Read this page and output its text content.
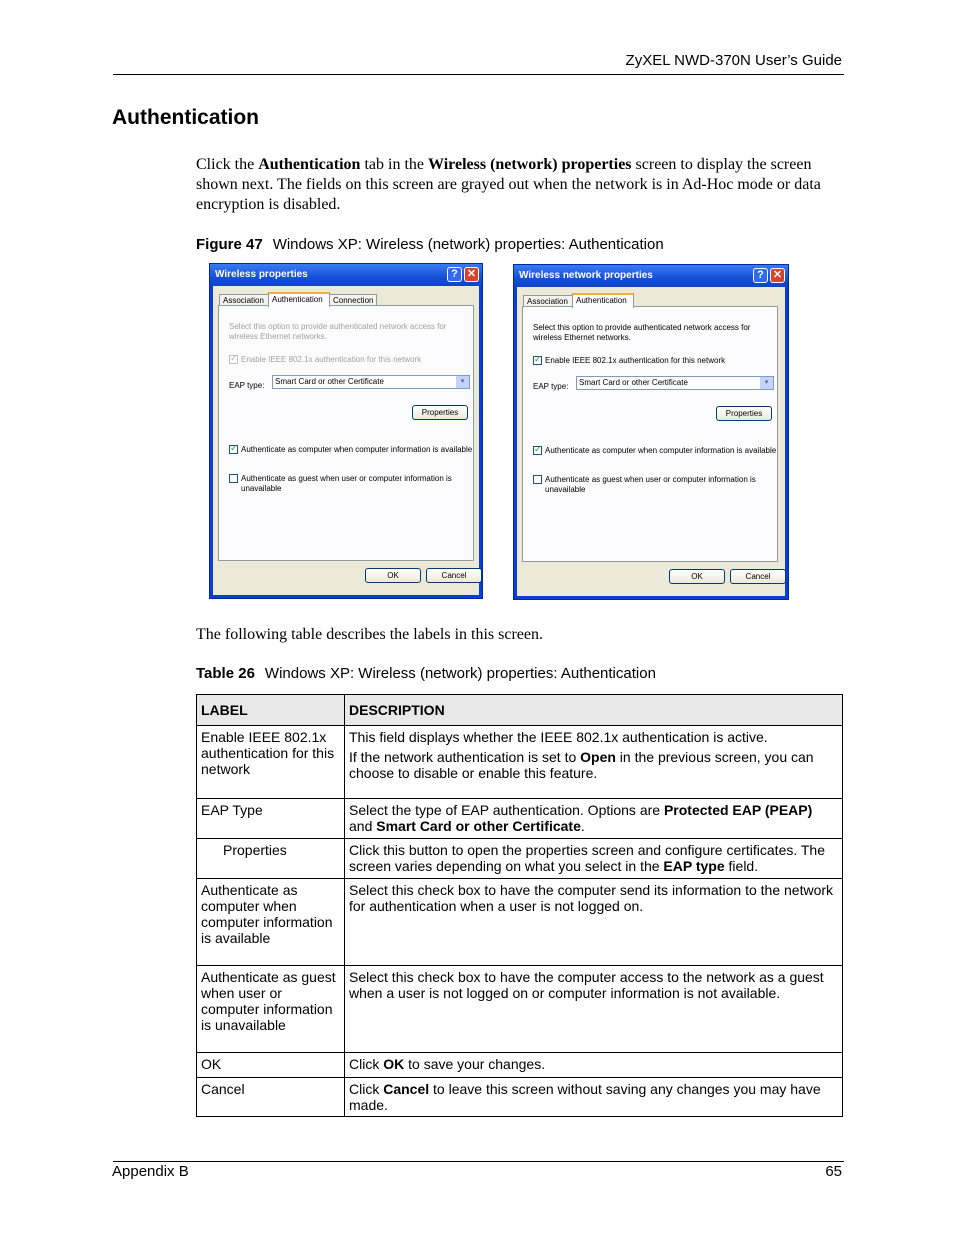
ZyXEL NWD-370N User’s Guide
Authentication
Click the Authentication tab in the Wireless (network) properties screen to display the screen shown next. The fields on this screen are grayed out when the network is in Ad-Hoc mode or data encryption is disabled.
Figure 47 Windows XP: Wireless (network) properties: Authentication
Wireless properties	? ✕
Association	Authentication	Connection
Select this option to provide authenticated network access for wireless Ethernet networks.
✓
Enable IEEE 802.1x authentication for this network
EAP type:	Smart Card or other Certificate	▾
Properties
✓
Authenticate as computer when computer information is available
Authenticate as guest when user or computer information is unavailable
OK	Cancel
Wireless network properties	? ✕
Association	Authentication
Select this option to provide authenticated network access for wireless Ethernet networks.
✓
Enable IEEE 802.1x authentication for this network
EAP type:	Smart Card or other Certificate	▾
Properties
✓
Authenticate as computer when computer information is available
Authenticate as guest when user or computer information is unavailable
OK	Cancel
The following table describes the labels in this screen.
Table 26 Windows XP: Wireless (network) properties: Authentication
LABEL	DESCRIPTION
Enable IEEE 802.1x authentication for this network	This field displays whether the IEEE 802.1x authentication is active.

If the network authentication is set to Open in the previous screen, you can choose to disable or enable this feature.

EAP Type	Select the type of EAP authentication. Options are Protected EAP (PEAP) and Smart Card or other Certificate.
Properties	Click this button to open the properties screen and configure certificates. The screen varies depending on what you select in the EAP type field.
Authenticate as computer when computer information is available	Select this check box to have the computer send its information to the network for authentication when a user is not logged on.
Authenticate as guest when user or computer information is unavailable	Select this check box to have the computer access to the network as a guest when a user is not logged on or computer information is not available.
OK	Click OK to save your changes.
Cancel	Click Cancel to leave this screen without saving any changes you may have made.
Appendix B	65
